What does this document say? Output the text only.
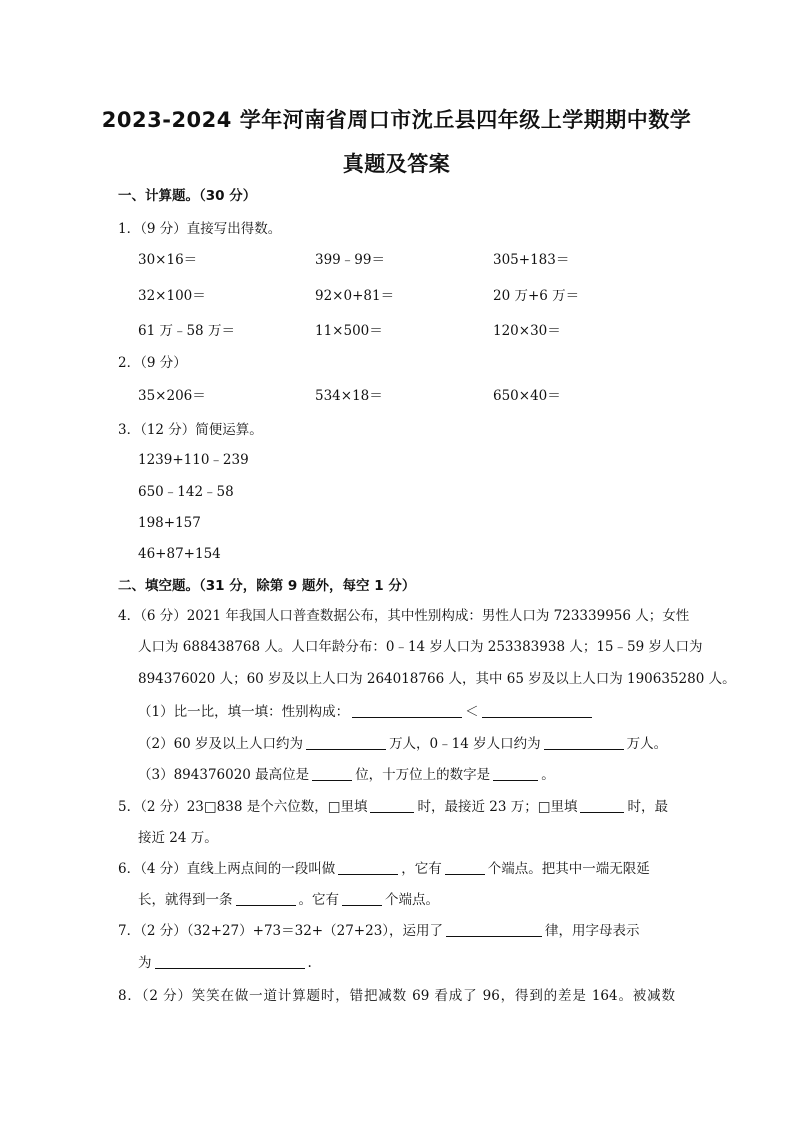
2023-2024 学年河南省周口市沈丘县四年级上学期期中数学
真题及答案
一、计算题。（30 分）
1．（9 分）直接写出得数。
30×16＝	399﹣99＝	305+183＝
32×100＝	92×0+81＝	20 万+6 万＝
61 万﹣58 万＝	11×500＝	120×30＝
2．（9 分）
35×206＝	534×18＝	650×40＝
3．（12 分）简便运算。
1239+110﹣239
650﹣142﹣58
198+157
46+87+154
二、填空题。（31 分，除第 9 题外，每空 1 分）
4．（6 分）2021 年我国人口普查数据公布，其中性别构成：男性人口为 723339956 人；女性
人口为 688438768 人。人口年龄分布：0﹣14 岁人口为 253383938 人；15﹣59 岁人口为
894376020 人；60 岁及以上人口为 264018766 人，其中 65 岁及以上人口为 190635280 人。
（1）比一比，填一填：性别构成：	＜
（2）60 岁及以上人口约为	万人，0﹣14 岁人口约为	万人。
（3）894376020 最高位是	位，十万位上的数字是	。
5．（2 分）23□838 是个六位数，□里填	时，最接近 23 万；□里填	时，最
接近 24 万。
6．（4 分）直线上两点间的一段叫做	，它有	个端点。把其中一端无限延
长，就得到一条	。它有	个端点。
7．（2 分）（32+27）+73＝32+（27+23），运用了	律，用字母表示
为	.
8．（2 分）笑笑在做一道计算题时，错把减数 69 看成了 96，得到的差是 164。被减数
